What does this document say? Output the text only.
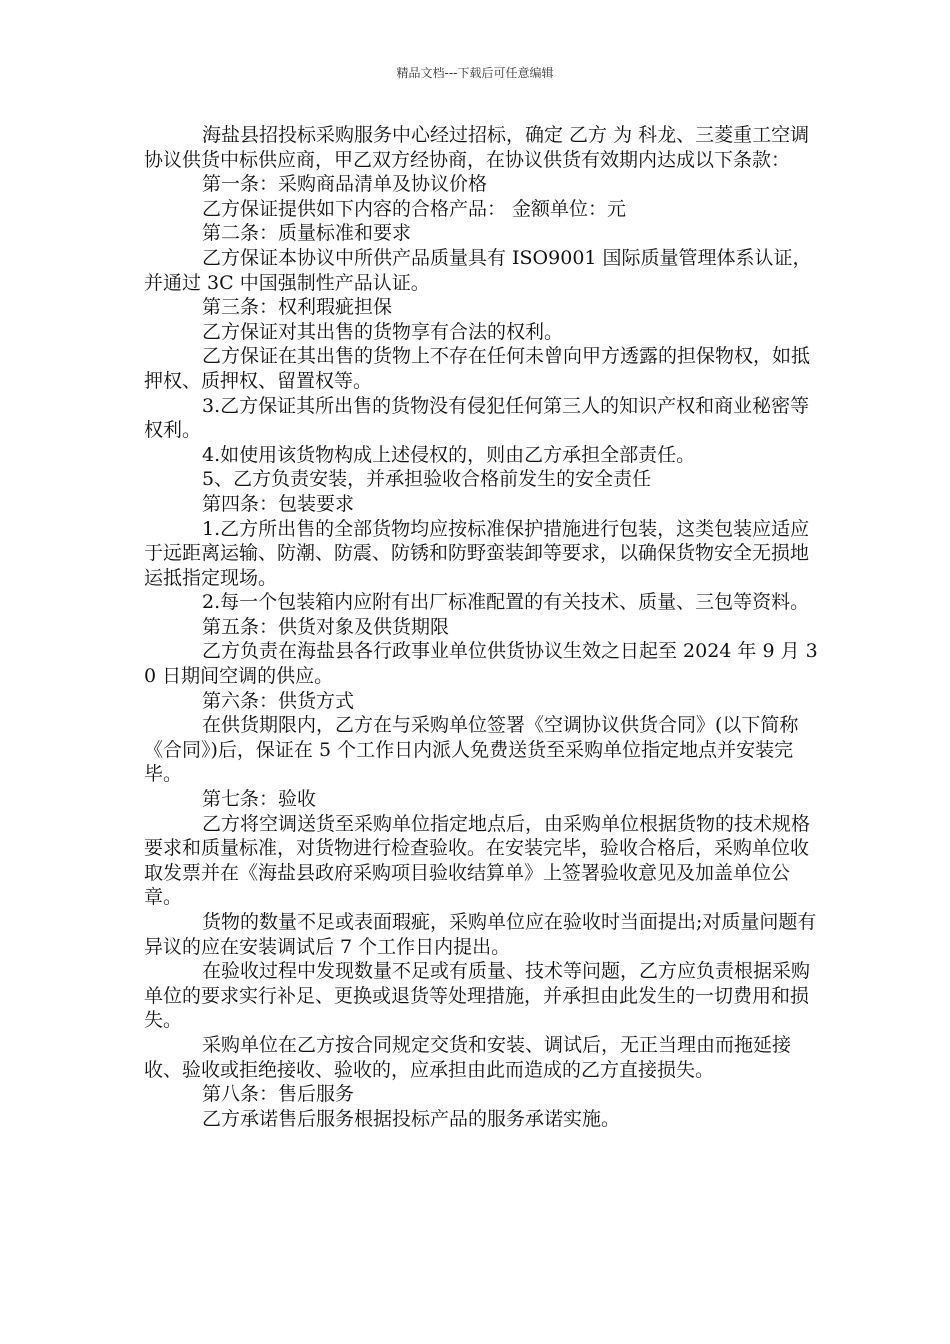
精品文档---下载后可任意编辑

海盐县招投标采购服务中心经过招标，确定 乙方 为 科龙、三菱重工空调协议供货中标供应商，甲乙双方经协商，在协议供货有效期内达成以下条款：

第一条：采购商品清单及协议价格

乙方保证提供如下内容的合格产品： 金额单位：元

第二条：质量标准和要求

乙方保证本协议中所供产品质量具有 ISO9001 国际质量管理体系认证，并通过 3C 中国强制性产品认证。

第三条：权利瑕疵担保

乙方保证对其出售的货物享有合法的权利。

乙方保证在其出售的货物上不存在任何未曾向甲方透露的担保物权，如抵押权、质押权、留置权等。

3.乙方保证其所出售的货物没有侵犯任何第三人的知识产权和商业秘密等权利。

4.如使用该货物构成上述侵权的，则由乙方承担全部责任。

5、乙方负责安装，并承担验收合格前发生的安全责任

第四条：包装要求

1.乙方所出售的全部货物均应按标准保护措施进行包装，这类包装应适应于远距离运输、防潮、防震、防锈和防野蛮装卸等要求，以确保货物安全无损地运抵指定现场。

2.每一个包装箱内应附有出厂标准配置的有关技术、质量、三包等资料。

第五条：供货对象及供货期限

乙方负责在海盐县各行政事业单位供货协议生效之日起至 2024 年 9 月 30 日期间空调的供应。

第六条：供货方式

在供货期限内，乙方在与采购单位签署《空调协议供货合同》(以下简称《合同》)后，保证在 5 个工作日内派人免费送货至采购单位指定地点并安装完毕。

第七条：验收

乙方将空调送货至采购单位指定地点后，由采购单位根据货物的技术规格要求和质量标准，对货物进行检查验收。在安装完毕，验收合格后，采购单位收取发票并在《海盐县政府采购项目验收结算单》上签署验收意见及加盖单位公章。

货物的数量不足或表面瑕疵，采购单位应在验收时当面提出;对质量问题有异议的应在安装调试后 7 个工作日内提出。

在验收过程中发现数量不足或有质量、技术等问题，乙方应负责根据采购单位的要求实行补足、更换或退货等处理措施，并承担由此发生的一切费用和损失。

采购单位在乙方按合同规定交货和安装、调试后，无正当理由而拖延接收、验收或拒绝接收、验收的，应承担由此而造成的乙方直接损失。

第八条：售后服务

乙方承诺售后服务根据投标产品的服务承诺实施。
